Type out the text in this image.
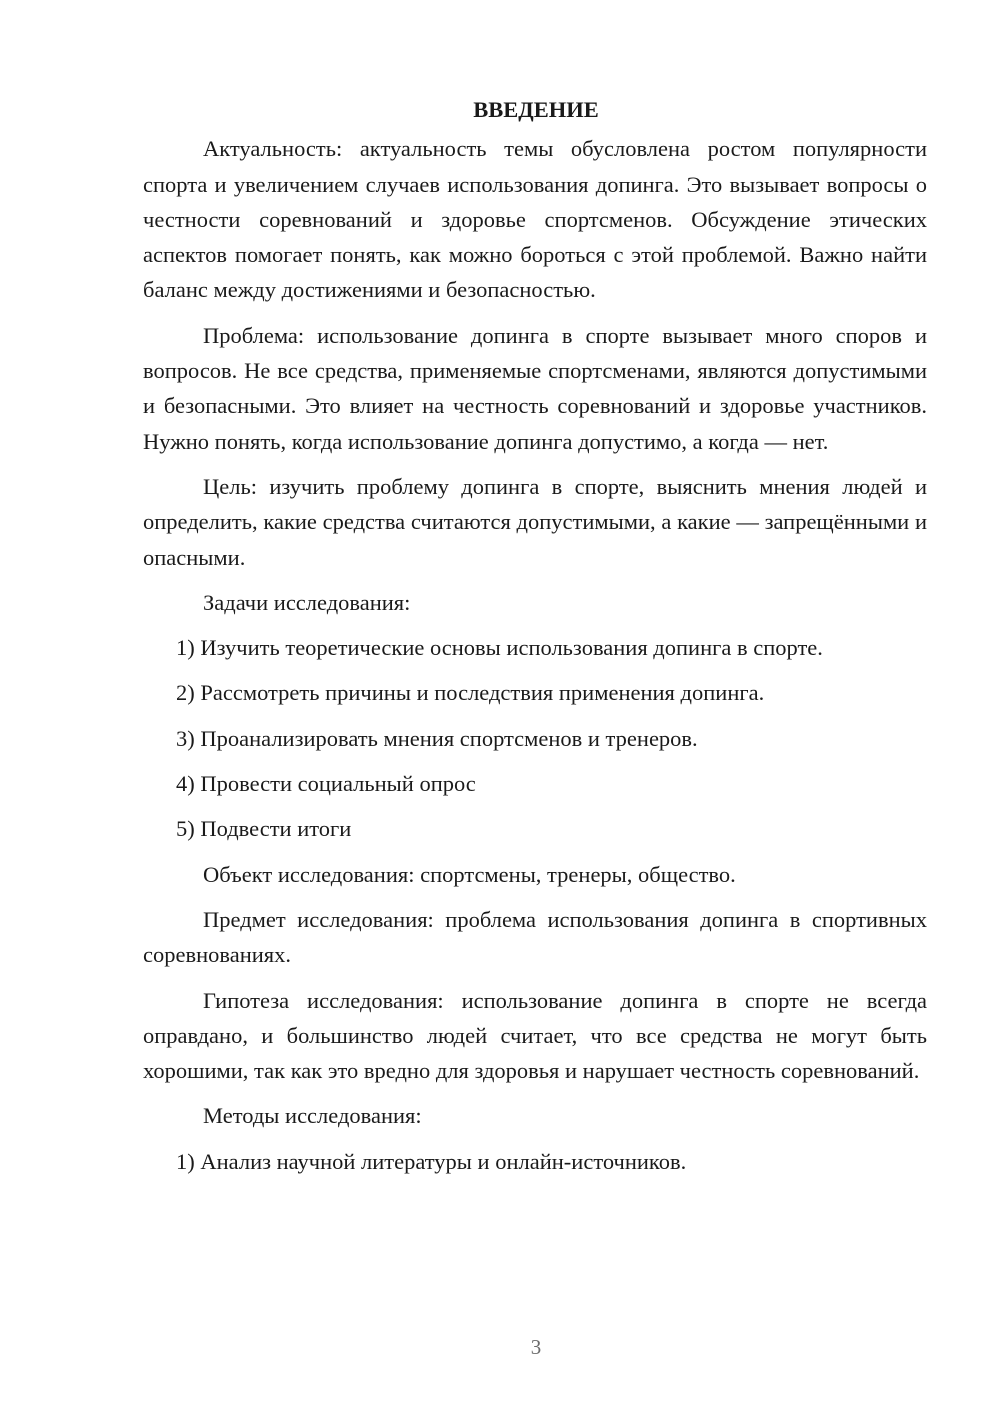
ВВЕДЕНИЕ

Актуальность: актуальность темы обусловлена ростом популярности спорта и увеличением случаев использования допинга. Это вызывает вопросы о честности соревнований и здоровье спортсменов. Обсуждение этических аспектов помогает понять, как можно бороться с этой проблемой. Важно найти баланс между достижениями и безопасностью.

Проблема: использование допинга в спорте вызывает много споров и вопросов. Не все средства, применяемые спортсменами, являются допустимыми и безопасными. Это влияет на честность соревнований и здоровье участников. Нужно понять, когда использование допинга допустимо, а когда — нет.

Цель: изучить проблему допинга в спорте, выяснить мнения людей и определить, какие средства считаются допустимыми, а какие — запрещёнными и опасными.

Задачи исследования:

1) Изучить теоретические основы использования допинга в спорте.
2) Рассмотреть причины и последствия применения допинга.
3) Проанализировать мнения спортсменов и тренеров.
4) Провести социальный опрос
5) Подвести итоги

Объект исследования: спортсмены, тренеры, общество.

Предмет исследования: проблема использования допинга в спортивных соревнованиях.

Гипотеза исследования: использование допинга в спорте не всегда оправдано, и большинство людей считает, что все средства не могут быть хорошими, так как это вредно для здоровья и нарушает честность соревнований.

Методы исследования:

1) Анализ научной литературы и онлайн-источников.
3
